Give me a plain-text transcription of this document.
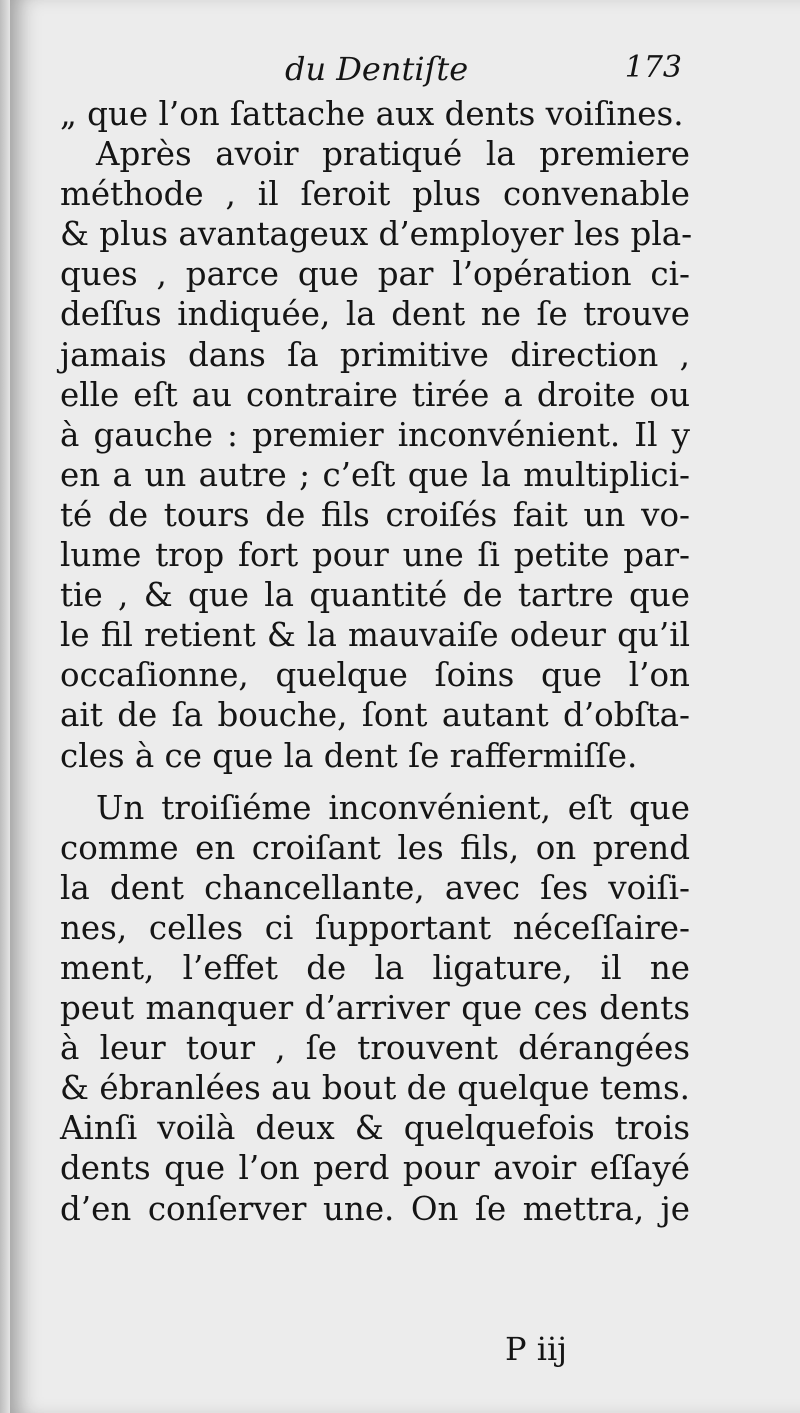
du Dentiſte	173
„ que l’on ſattache aux dents voiſines.
Après avoir pratiqué la premiere
méthode , il ſeroit plus convenable
& plus avantageux d’employer les pla-
ques , parce que par l’opération ci-
deſſus indiquée, la dent ne ſe trouve
jamais dans ſa primitive direction ,
elle eſt au contraire tirée a droite ou
à gauche : premier inconvénient. Il y
en a un autre ; c’eſt que la multiplici-
té de tours de fils croiſés fait un vo-
lume trop fort pour une ſi petite par-
tie , & que la quantité de tartre que
le fil retient & la mauvaiſe odeur qu’il
occaſionne, quelque ſoins que l’on
ait de ſa bouche, ſont autant d’obſta-
cles à ce que la dent ſe raffermiſſe.
Un troiſiéme inconvénient, eſt que
comme en croiſant les fils, on prend
la dent chancellante, avec ſes voiſi-
nes, celles ci ſupportant néceſſaire-
ment, l’effet de la ligature, il ne
peut manquer d’arriver que ces dents
à leur tour , ſe trouvent dérangées
& ébranlées au bout de quelque tems.
Ainſi voilà deux & quelquefois trois
dents que l’on perd pour avoir eſſayé
d’en conſerver une. On ſe mettra, je
P iij
